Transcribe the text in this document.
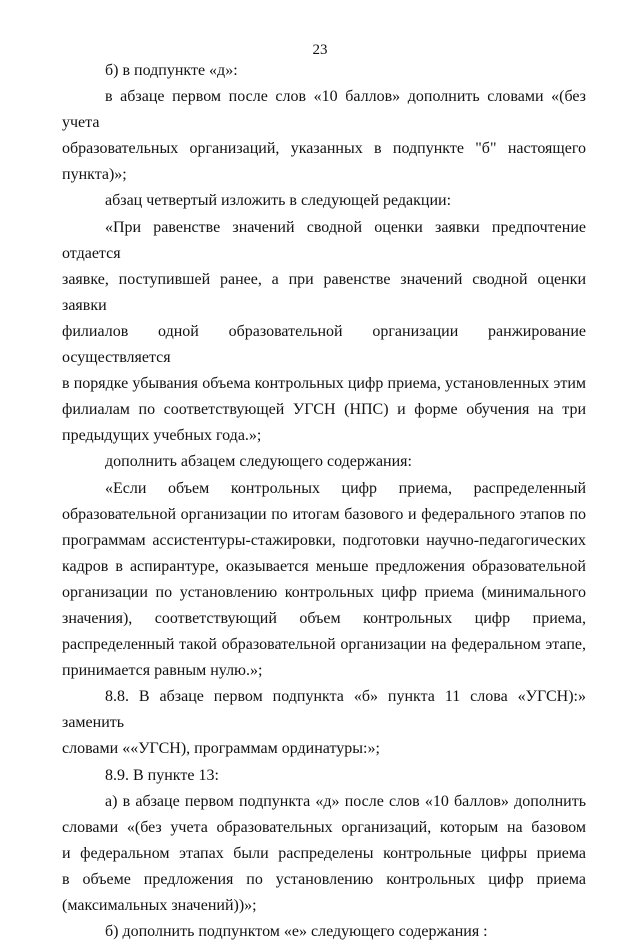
23
б) в подпункте «д»:
в абзаце первом после слов «10 баллов» дополнить словами «(без учета
образовательных организаций, указанных в подпункте "б" настоящего
пункта)»;
абзац четвертый изложить в следующей редакции:
«При равенстве значений сводной оценки заявки предпочтение отдается
заявке, поступившей ранее, а при равенстве значений сводной оценки заявки
филиалов одной образовательной организации ранжирование осуществляется
в порядке убывания объема контрольных цифр приема, установленных этим
филиалам по соответствующей УГСН (НПС) и форме обучения на три
предыдущих учебных года.»;
дополнить абзацем следующего содержания:
«Если объем контрольных цифр приема, распределенный
образовательной организации по итогам базового и федерального этапов по
программам ассистентуры-стажировки, подготовки научно-педагогических
кадров в аспирантуре, оказывается меньше предложения образовательной
организации по установлению контрольных цифр приема (минимального
значения), соответствующий объем контрольных цифр приема,
распределенный такой образовательной организации на федеральном этапе,
принимается равным нулю.»;
8.8. В абзаце первом подпункта «б» пункта 11 слова «УГСН):» заменить
словами ««УГСН), программам ординатуры:»;
8.9. В пункте 13:
а) в абзаце первом подпункта «д» после слов «10 баллов» дополнить
словами «(без учета образовательных организаций, которым на базовом
и федеральном этапах были распределены контрольные цифры приема
в объеме предложения по установлению контрольных цифр приема
(максимальных значений))»;
б) дополнить подпунктом «е» следующего содержания :
